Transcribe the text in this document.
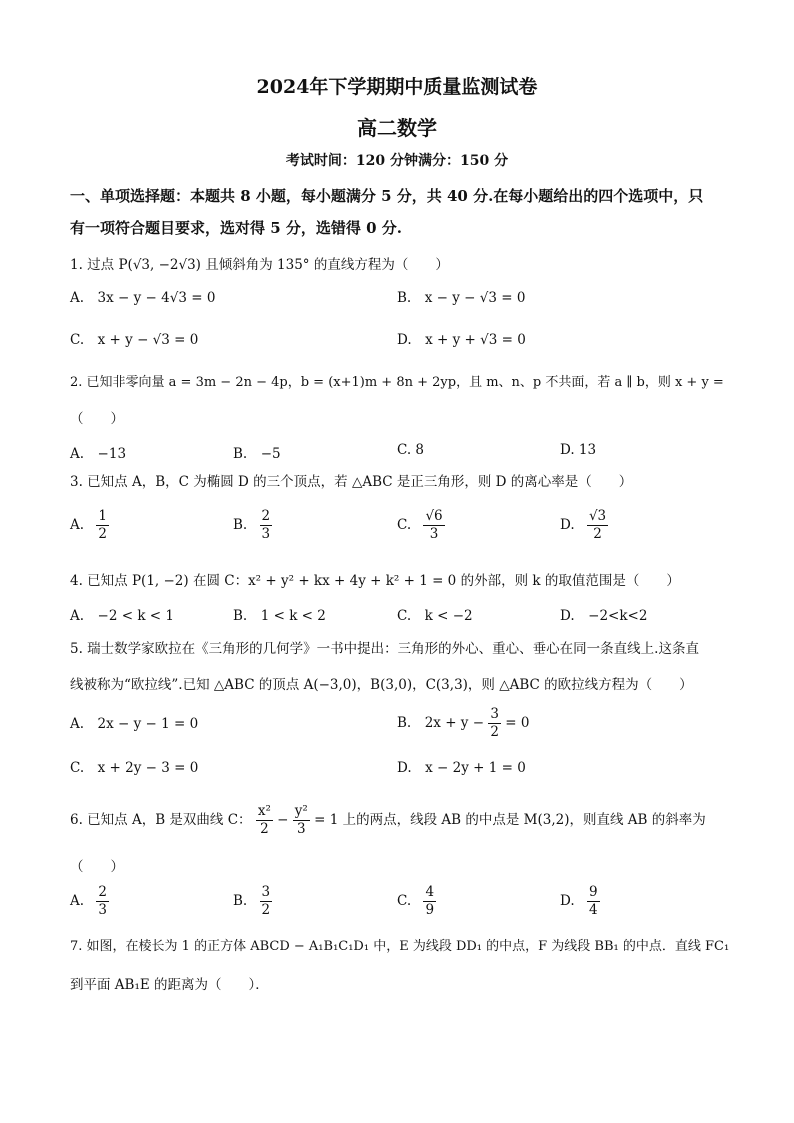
2024年下学期期中质量监测试卷
高二数学
考试时间：120 分钟满分：150 分
一、单项选择题：本题共 8 小题，每小题满分 5 分，共 40 分.在每小题给出的四个选项中，只
有一项符合题目要求，选对得 5 分，选错得 0 分.
1. 过点 P(√3, −2√3) 且倾斜角为 135° 的直线方程为（　　）
A.　3x − y − 4√3 = 0	B.　x − y − √3 = 0
C.　x + y − √3 = 0	D.　x + y + √3 = 0
2. 已知非零向量 a = 3m − 2n − 4p，b = (x+1)m + 8n + 2yp，且 m、n、p 不共面，若 a ∥ b，则 x + y =
（　　）
A.　−13	B.　−5	C. 8	D. 13
3. 已知点 A，B，C 为椭圆 D 的三个顶点，若 △ABC 是正三角形，则 D 的离心率是（　　）
A. $\frac{1}{2}$	B. $\frac{2}{3}$	C. $\frac{√6}{3}$	D. $\frac{√3}{2}$
4. 已知点 P(1, −2) 在圆 C：x² + y² + kx + 4y + k² + 1 = 0 的外部，则 k 的取值范围是（　　）
A.　−2 < k < 1	B.　1 < k < 2	C.　k < −2	D.　−2<k<2
5. 瑞士数学家欧拉在《三角形的几何学》一书中提出：三角形的外心、重心、垂心在同一条直线上.这条直
线被称为“欧拉线”.已知 △ABC 的顶点 A(−3,0)，B(3,0)，C(3,3)，则 △ABC 的欧拉线方程为（　　）
A.　2x − y − 1 = 0	B.　$2x + y - \frac{3}{2} = 0$
C.　x + 2y − 3 = 0	D.　x − 2y + 1 = 0
6. 已知点 A，B 是双曲线 C： $\frac{\text{x²}}{2} - \frac{\text{y²}}{3} = 1$ 上的两点，线段 AB 的中点是 M(3,2)，则直线 AB 的斜率为
（　　）
A. $\frac{2}{3}$	B. $\frac{3}{2}$	C. $\frac{4}{9}$	D. $\frac{9}{4}$
7. 如图，在棱长为 1 的正方体 ABCD − A₁B₁C₁D₁ 中，E 为线段 DD₁ 的中点，F 为线段 BB₁ 的中点．直线 FC₁
到平面 AB₁E 的距离为（　　）．
